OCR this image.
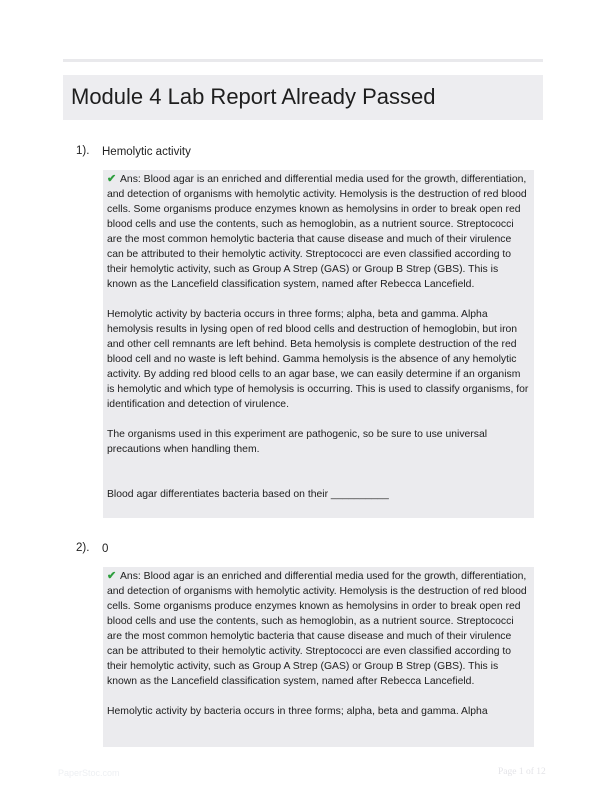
Module 4 Lab Report Already Passed
1). Hemolytic activity

✔ Ans: Blood agar is an enriched and differential media used for the growth, differentiation, and detection of organisms with hemolytic activity. Hemolysis is the destruction of red blood cells. Some organisms produce enzymes known as hemolysins in order to break open red blood cells and use the contents, such as hemoglobin, as a nutrient source. Streptococci are the most common hemolytic bacteria that cause disease and much of their virulence can be attributed to their hemolytic activity. Streptococci are even classified according to their hemolytic activity, such as Group A Strep (GAS) or Group B Strep (GBS). This is known as the Lancefield classification system, named after Rebecca Lancefield.

Hemolytic activity by bacteria occurs in three forms; alpha, beta and gamma. Alpha hemolysis results in lysing open of red blood cells and destruction of hemoglobin, but iron and other cell remnants are left behind. Beta hemolysis is complete destruction of the red blood cell and no waste is left behind. Gamma hemolysis is the absence of any hemolytic activity. By adding red blood cells to an agar base, we can easily determine if an organism is hemolytic and which type of hemolysis is occurring. This is used to classify organisms, for identification and detection of virulence.

The organisms used in this experiment are pathogenic, so be sure to use universal precautions when handling them.

Blood agar differentiates bacteria based on their __________

2). 0

✔ Ans: Blood agar is an enriched and differential media used for the growth, differentiation, and detection of organisms with hemolytic activity. Hemolysis is the destruction of red blood cells. Some organisms produce enzymes known as hemolysins in order to break open red blood cells and use the contents, such as hemoglobin, as a nutrient source. Streptococci are the most common hemolytic bacteria that cause disease and much of their virulence can be attributed to their hemolytic activity. Streptococci are even classified according to their hemolytic activity, such as Group A Strep (GAS) or Group B Strep (GBS). This is known as the Lancefield classification system, named after Rebecca Lancefield.

Hemolytic activity by bacteria occurs in three forms; alpha, beta and gamma. Alpha

PaperStoc.com	Page 1 of 12
